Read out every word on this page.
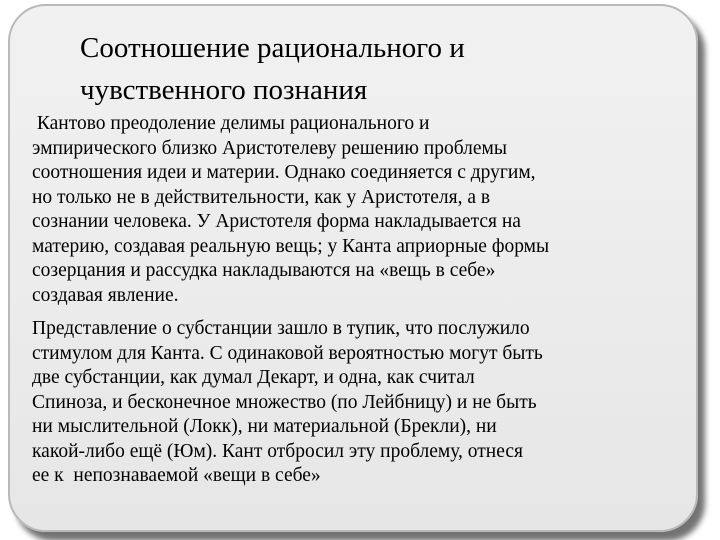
Соотношение рационального и
чувственного познания

Кантово преодоление делимы рационального и
эмпирического близко Аристотелеву решению проблемы
соотношения идеи и материи. Однако соединяется с другим,
но только не в действительности, как у Аристотеля, а в
сознании человека. У Аристотеля форма накладывается на
материю, создавая реальную вещь; у Канта априорные формы
созерцания и рассудка накладываются на «вещь в себе»
создавая явление.

Представление о субстанции зашло в тупик, что послужило
стимулом для Канта. С одинаковой вероятностью могут быть
две субстанции, как думал Декарт, и одна, как считал
Спиноза, и бесконечное множество (по Лейбницу) и не быть
ни мыслительной (Локк), ни материальной (Брекли), ни
какой-либо ещё (Юм). Кант отбросил эту проблему, отнеся
ее к  непознаваемой «вещи в себе»
